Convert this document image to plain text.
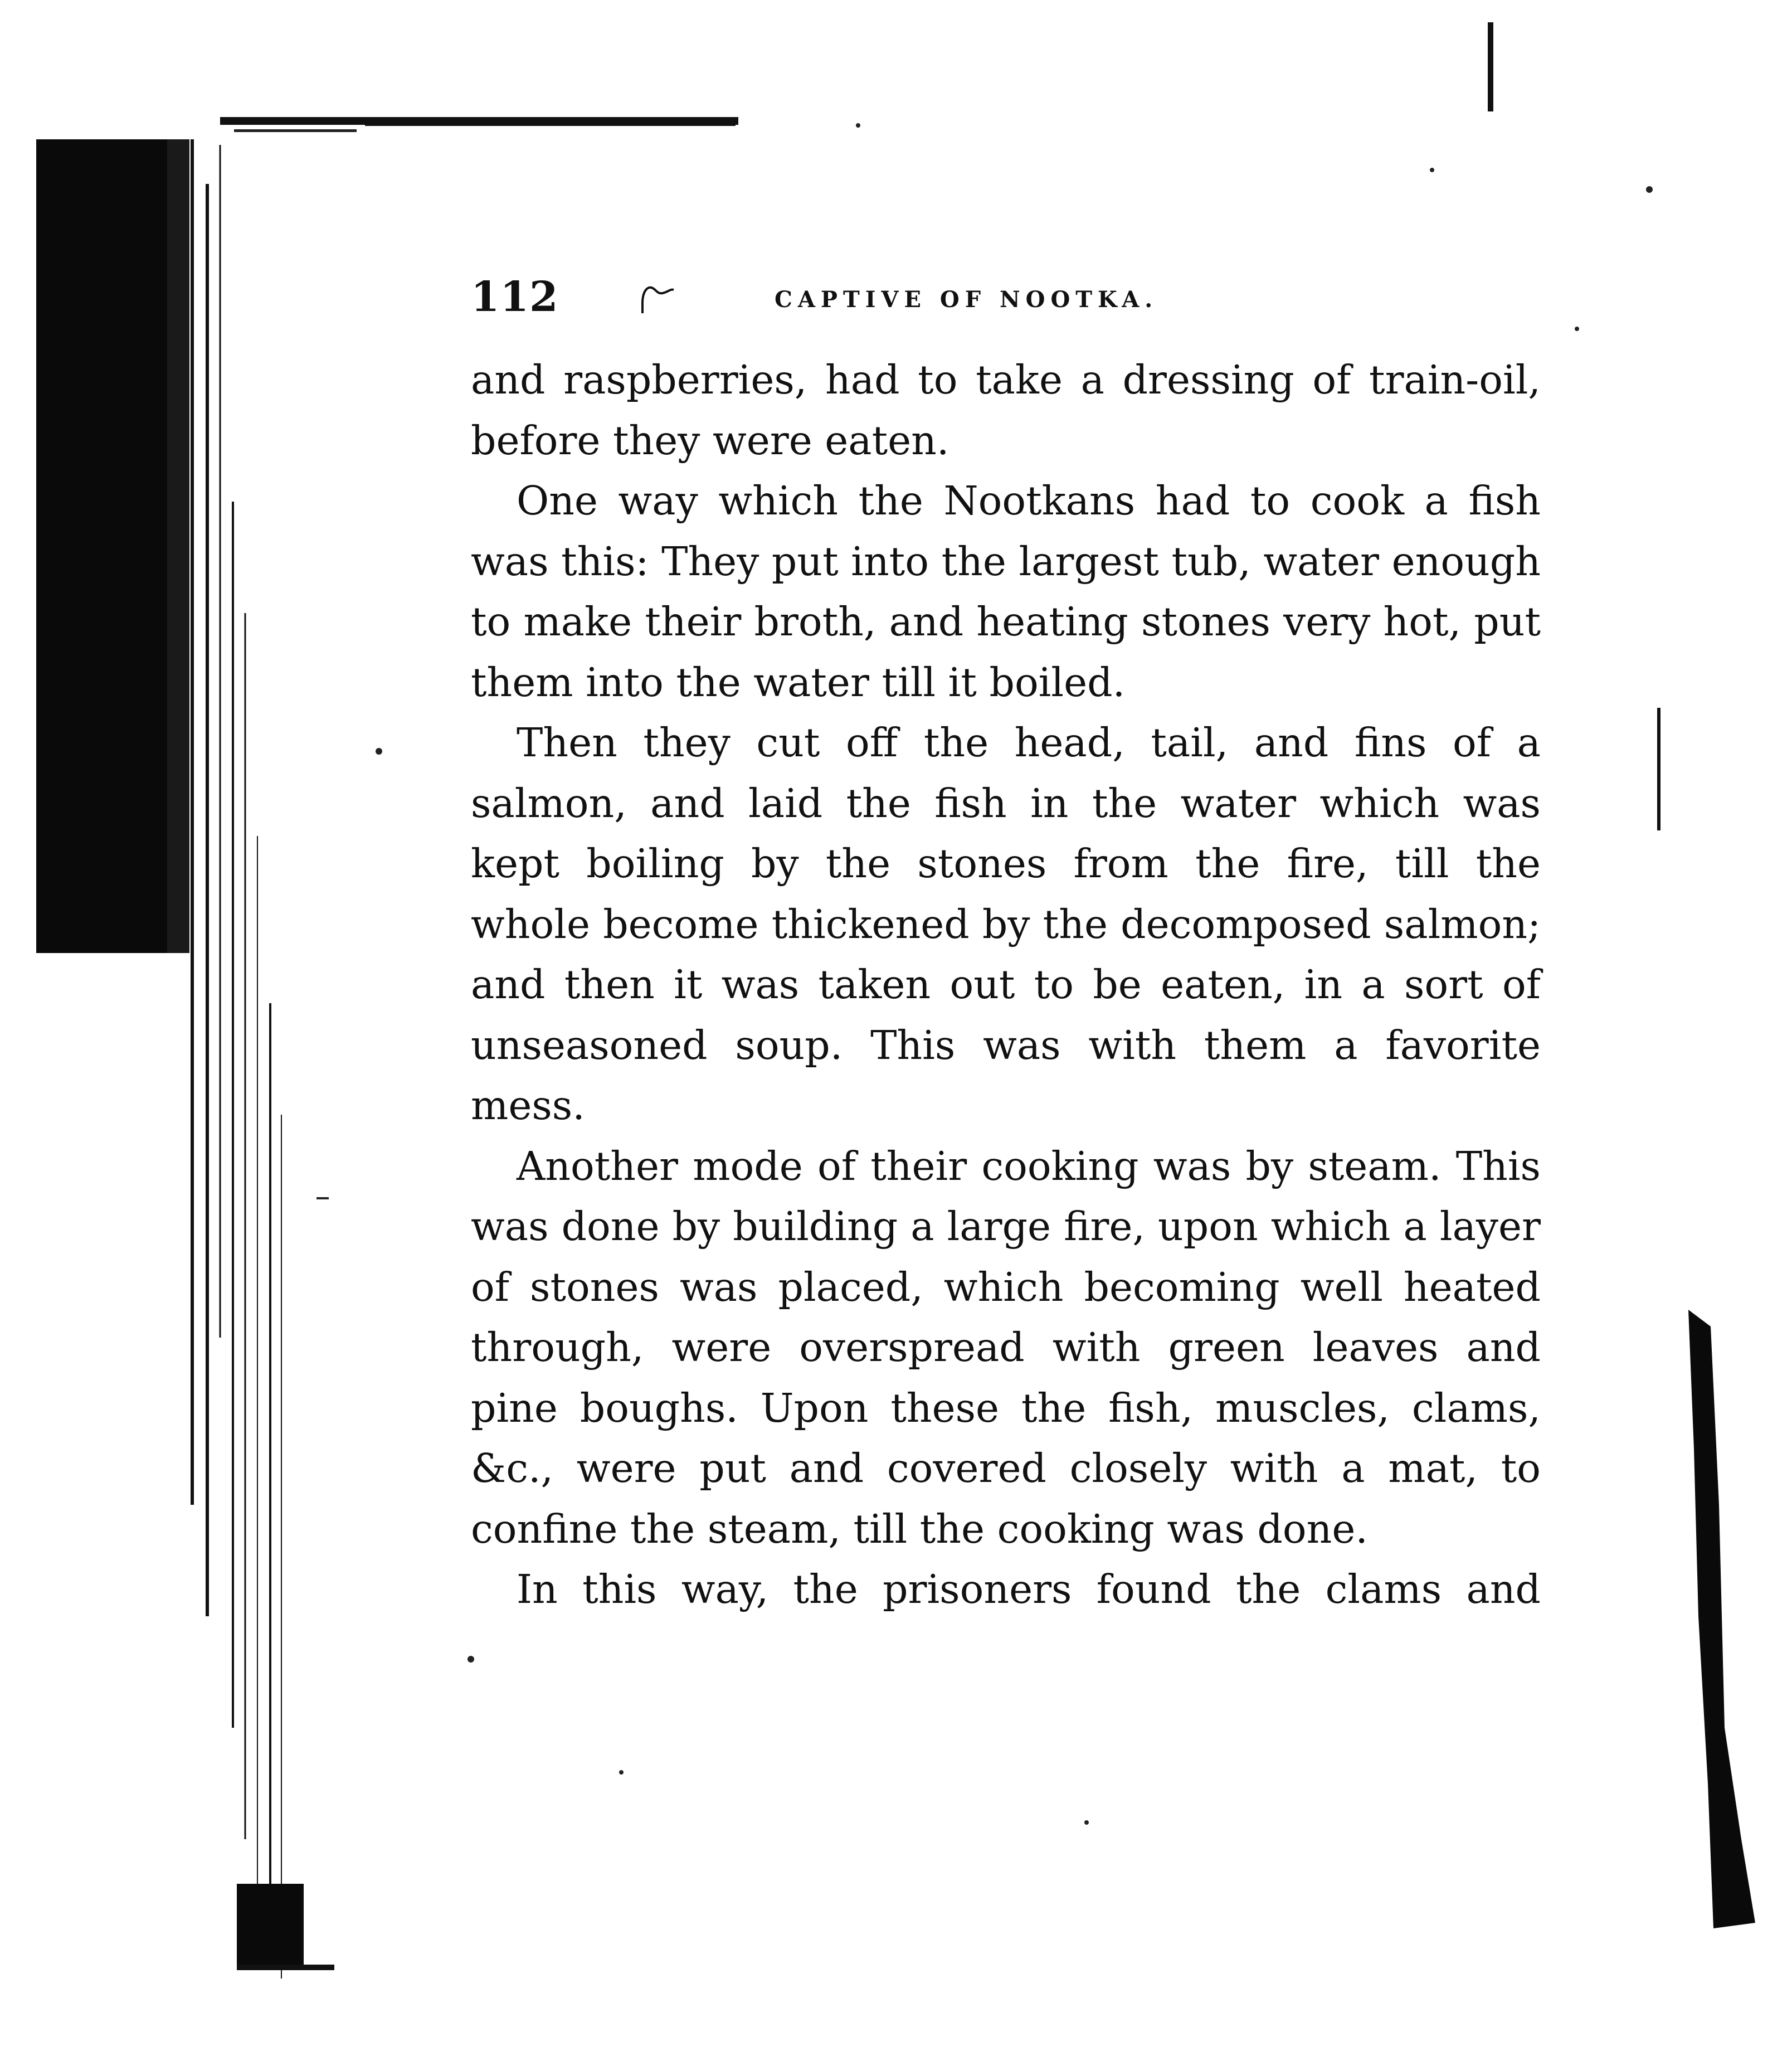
112	CAPTIVE OF NOOTKA.

and raspberries, had to take a dressing of train-oil, before they were eaten.

One way which the Nootkans had to cook a fish was this: They put into the largest tub, water enough to make their broth, and heating stones very hot, put them into the water till it boiled.

Then they cut off the head, tail, and fins of a salmon, and laid the fish in the water which was kept boiling by the stones from the fire, till the whole become thickened by the decomposed salmon; and then it was taken out to be eaten, in a sort of unseasoned soup. This was with them a favorite mess.

Another mode of their cooking was by steam. This was done by building a large fire, upon which a layer of stones was placed, which becoming well heated through, were overspread with green leaves and pine boughs. Upon these the fish, muscles, clams, &c., were put and covered closely with a mat, to confine the steam, till the cooking was done.

In this way, the prisoners found the clams and
